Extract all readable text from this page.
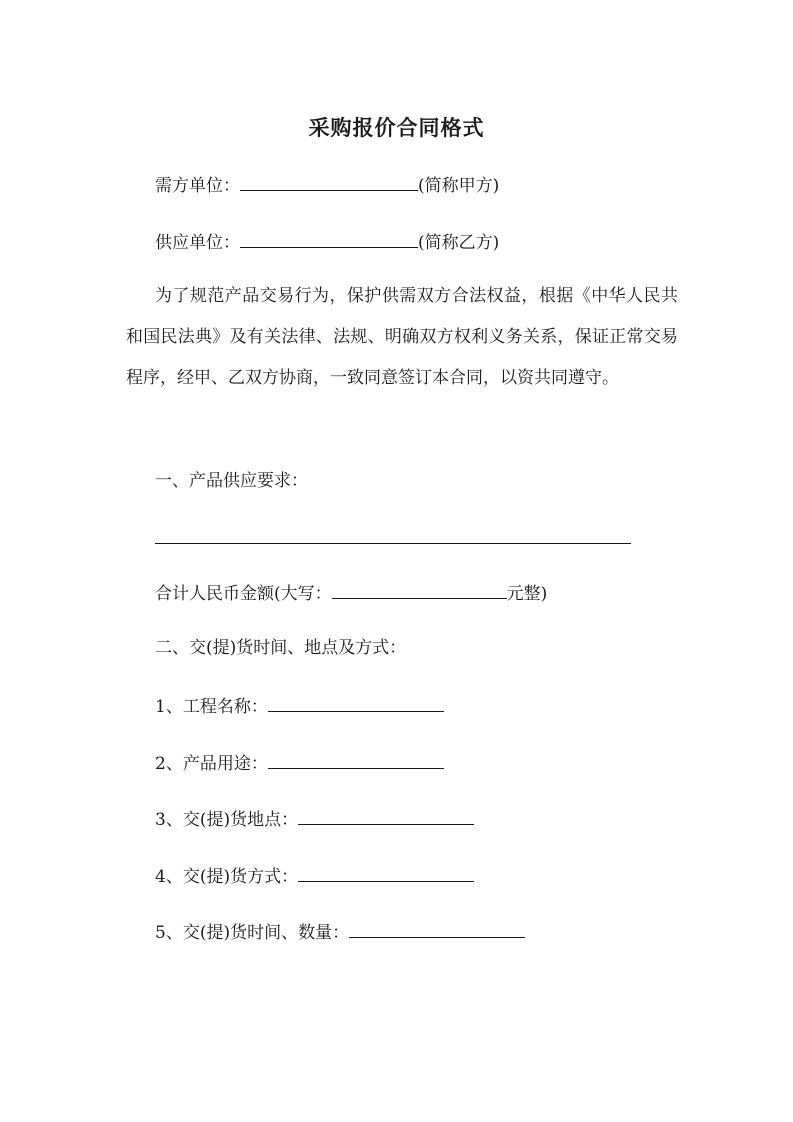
采购报价合同格式
需方单位：	(简称甲方)
供应单位：	(简称乙方)
为了规范产品交易行为，保护供需双方合法权益，根据《中华人民共和国民法典》及有关法律、法规、明确双方权利义务关系，保证正常交易程序，经甲、乙双方协商，一致同意签订本合同，以资共同遵守。
一、产品供应要求：
合计人民币金额(大写：	元整)
二、交(提)货时间、地点及方式：
1、工程名称：
2、产品用途：
3、交(提)货地点：
4、交(提)货方式：
5、交(提)货时间、数量：
